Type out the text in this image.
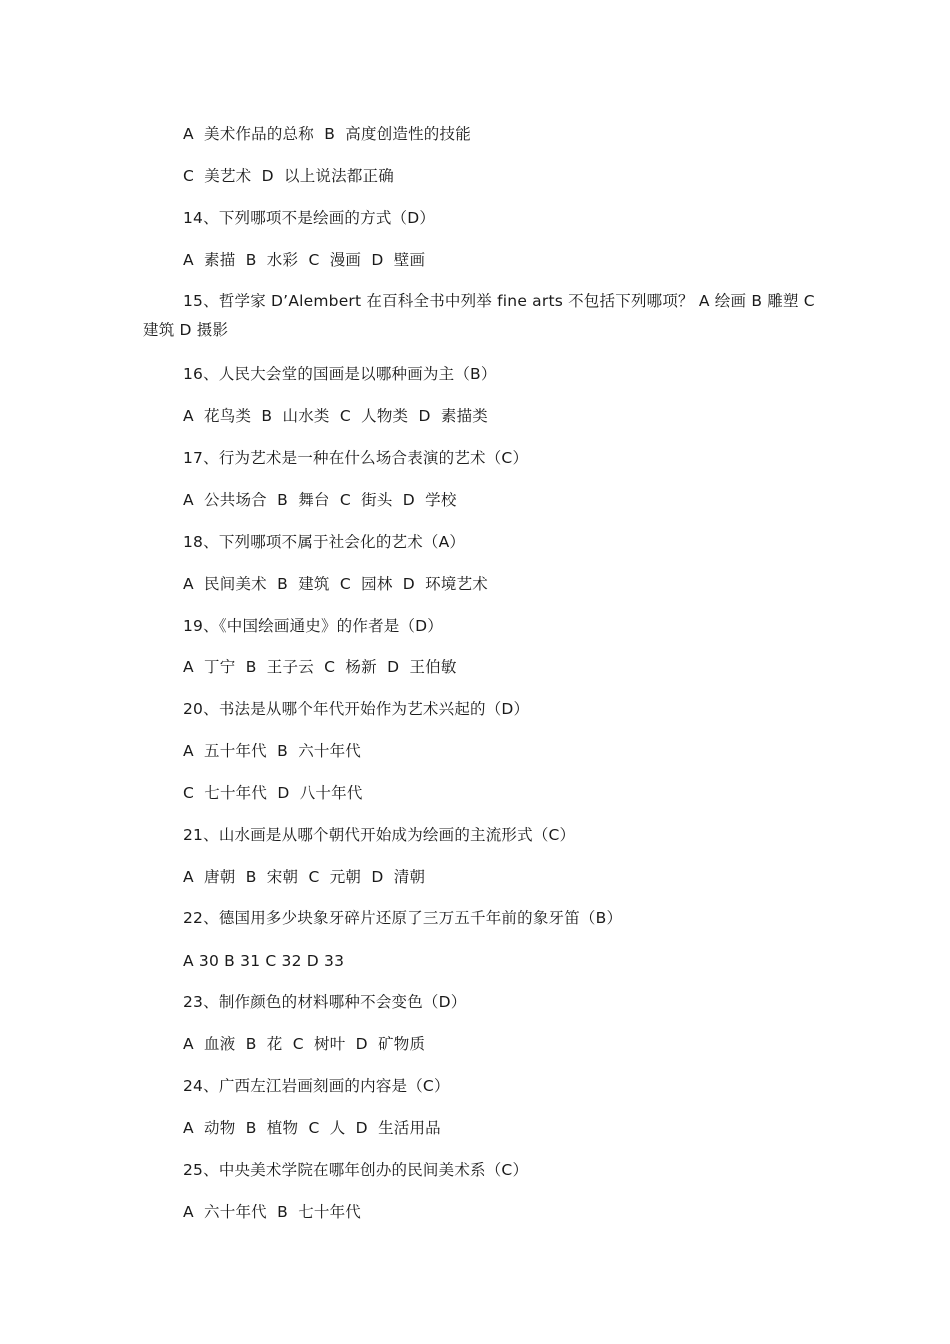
A  美术作品的总称  B  高度创造性的技能
C  美艺术  D  以上说法都正确
14、下列哪项不是绘画的方式（D）
A  素描  B  水彩  C  漫画  D  壁画
15、哲学家 D’Alembert 在百科全书中列举 fine arts 不包括下列哪项？ A 绘画 B 雕塑 C 建筑 D 摄影
16、人民大会堂的国画是以哪种画为主（B）
A  花鸟类  B  山水类  C  人物类  D  素描类
17、行为艺术是一种在什么场合表演的艺术（C）
A  公共场合  B  舞台  C  街头  D  学校
18、下列哪项不属于社会化的艺术（A）
A  民间美术  B  建筑  C  园林  D  环境艺术
19、《中国绘画通史》的作者是（D）
A  丁宁  B  王子云  C  杨新  D  王伯敏
20、书法是从哪个年代开始作为艺术兴起的（D）
A  五十年代  B  六十年代
C  七十年代  D  八十年代
21、山水画是从哪个朝代开始成为绘画的主流形式（C）
A  唐朝  B  宋朝  C  元朝  D  清朝
22、德国用多少块象牙碎片还原了三万五千年前的象牙笛（B）
A 30 B 31 C 32 D 33
23、制作颜色的材料哪种不会变色（D）
A  血液  B  花  C  树叶  D  矿物质
24、广西左江岩画刻画的内容是（C）
A  动物  B  植物  C  人  D  生活用品
25、中央美术学院在哪年创办的民间美术系（C）
A  六十年代  B  七十年代
